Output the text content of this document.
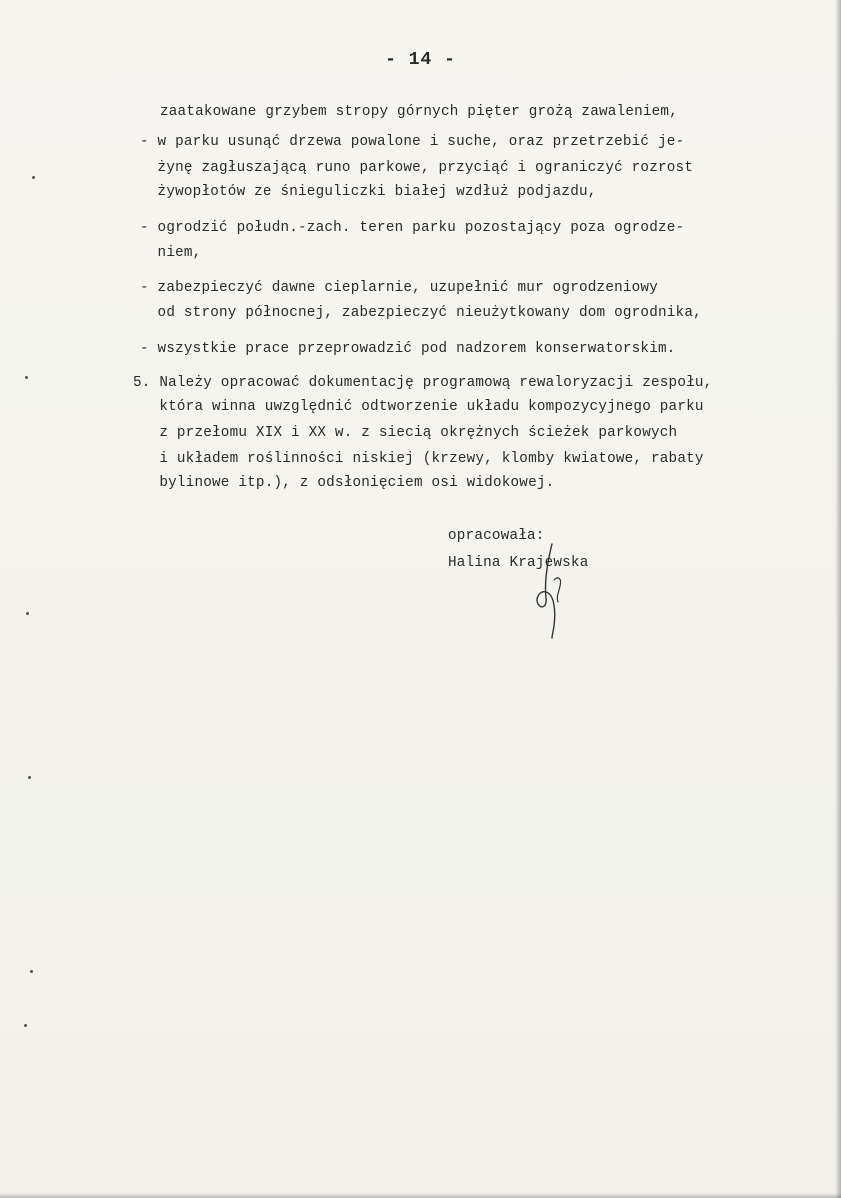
- 14 -
zaatakowane grzybem stropy górnych pięter grożą zawaleniem,
- w parku usunąć drzewa powalone i suche, oraz przetrzebić je-
żynę zagłuszającą runo parkowe, przyciąć i ograniczyć rozrost
żywopłotów ze śnieguliczki białej wzdłuż podjazdu,
- ogrodzić połudn.-zach. teren parku pozostający poza ogrodze-
niem,
- zabezpieczyć dawne cieplarnie, uzupełnić mur ogrodzeniowy
od strony północnej, zabezpieczyć nieużytkowany dom ogrodnika,
- wszystkie prace przeprowadzić pod nadzorem konserwatorskim.
5. Należy opracować dokumentację programową rewaloryzacji zespołu,
która winna uwzględnić odtworzenie układu kompozycyjnego parku
z przełomu XIX i XX w. z siecią okrężnych ścieżek parkowych
i układem roślinności niskiej (krzewy, klomby kwiatowe, rabaty
bylinowe itp.), z odsłonięciem osi widokowej.
opracowała:
Halina Krajewska
